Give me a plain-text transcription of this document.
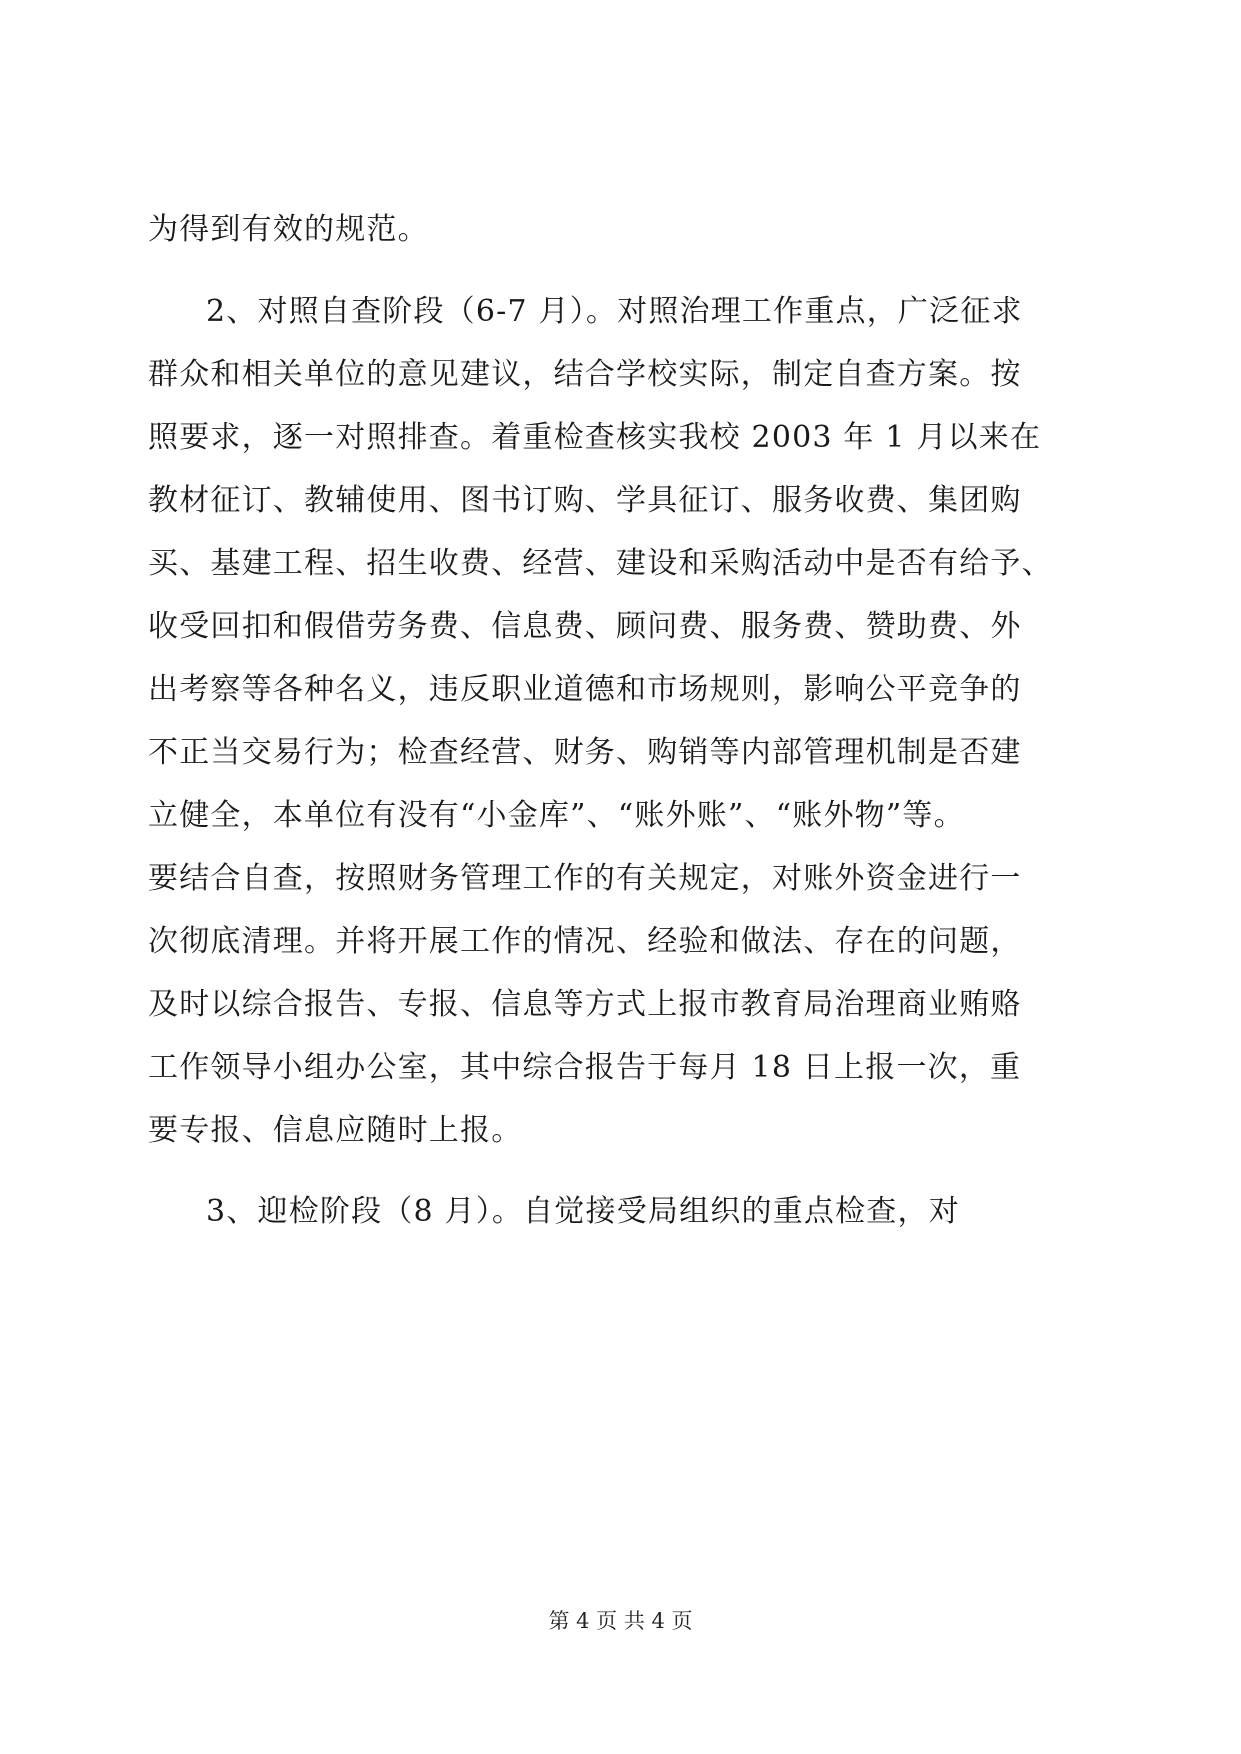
为得到有效的规范。
2、对照自查阶段（6-7 月）。对照治理工作重点，广泛征求
群众和相关单位的意见建议，结合学校实际，制定自查方案。按
照要求，逐一对照排查。着重检查核实我校 2003 年 1 月以来在
教材征订、教辅使用、图书订购、学具征订、服务收费、集团购
买、基建工程、招生收费、经营、建设和采购活动中是否有给予、
收受回扣和假借劳务费、信息费、顾问费、服务费、赞助费、外
出考察等各种名义，违反职业道德和市场规则，影响公平竞争的
不正当交易行为；检查经营、财务、购销等内部管理机制是否建
立健全，本单位有没有“小金库”、“账外账”、“账外物”等。
要结合自查，按照财务管理工作的有关规定，对账外资金进行一
次彻底清理。并将开展工作的情况、经验和做法、存在的问题，
及时以综合报告、专报、信息等方式上报市教育局治理商业贿赂
工作领导小组办公室，其中综合报告于每月 18 日上报一次，重
要专报、信息应随时上报。
3、迎检阶段（8 月）。自觉接受局组织的重点检查，对
第 4 页 共 4 页
